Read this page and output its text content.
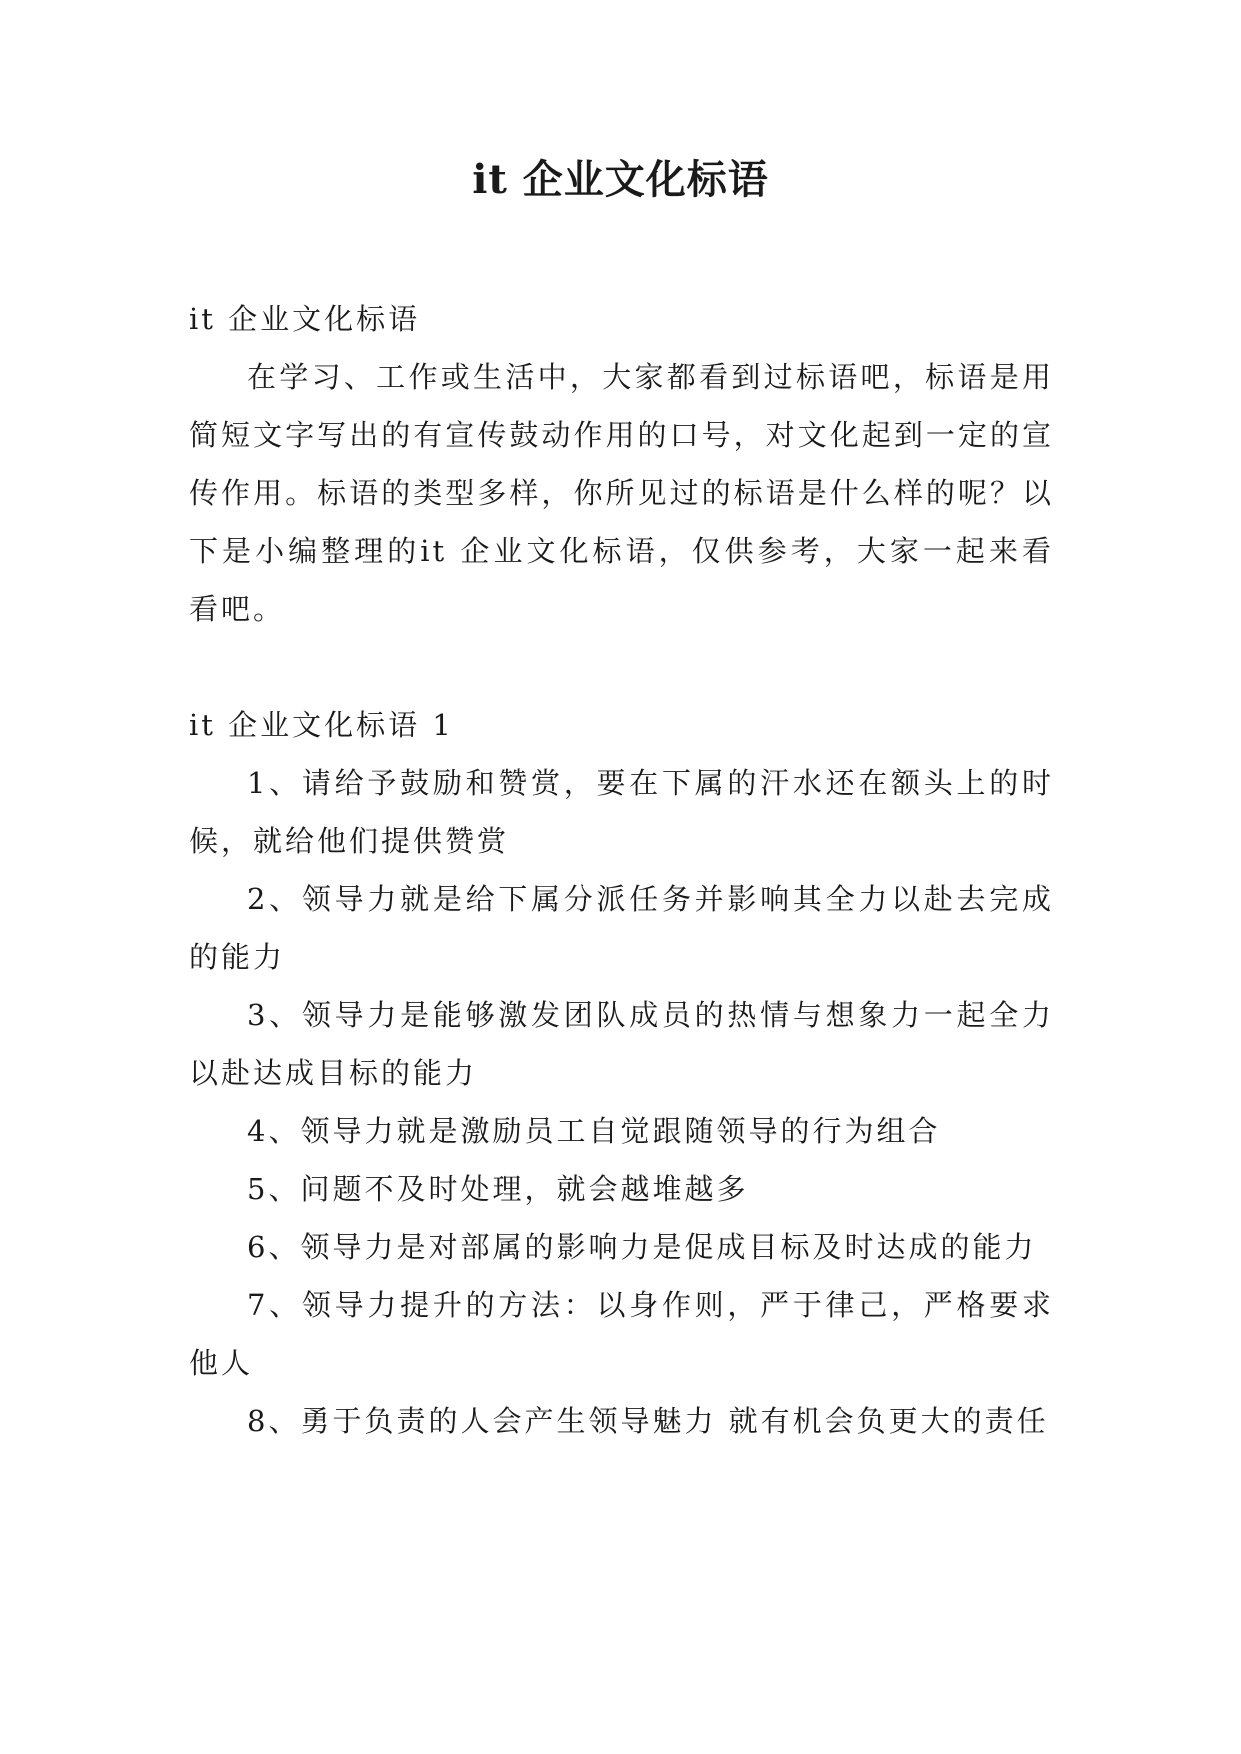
it 企业文化标语

it 企业文化标语

在学习、工作或生活中，大家都看到过标语吧，标语是用简短文字写出的有宣传鼓动作用的口号，对文化起到一定的宣传作用。标语的类型多样，你所见过的标语是什么样的呢？以下是小编整理的it 企业文化标语，仅供参考，大家一起来看看吧。

it 企业文化标语 1

1、请给予鼓励和赞赏，要在下属的汗水还在额头上的时候，就给他们提供赞赏

2、领导力就是给下属分派任务并影响其全力以赴去完成的能力

3、领导力是能够激发团队成员的热情与想象力一起全力以赴达成目标的能力

4、领导力就是激励员工自觉跟随领导的行为组合

5、问题不及时处理，就会越堆越多

6、领导力是对部属的影响力是促成目标及时达成的能力

7、领导力提升的方法：以身作则，严于律己，严格要求他人

8、勇于负责的人会产生领导魅力 就有机会负更大的责任
